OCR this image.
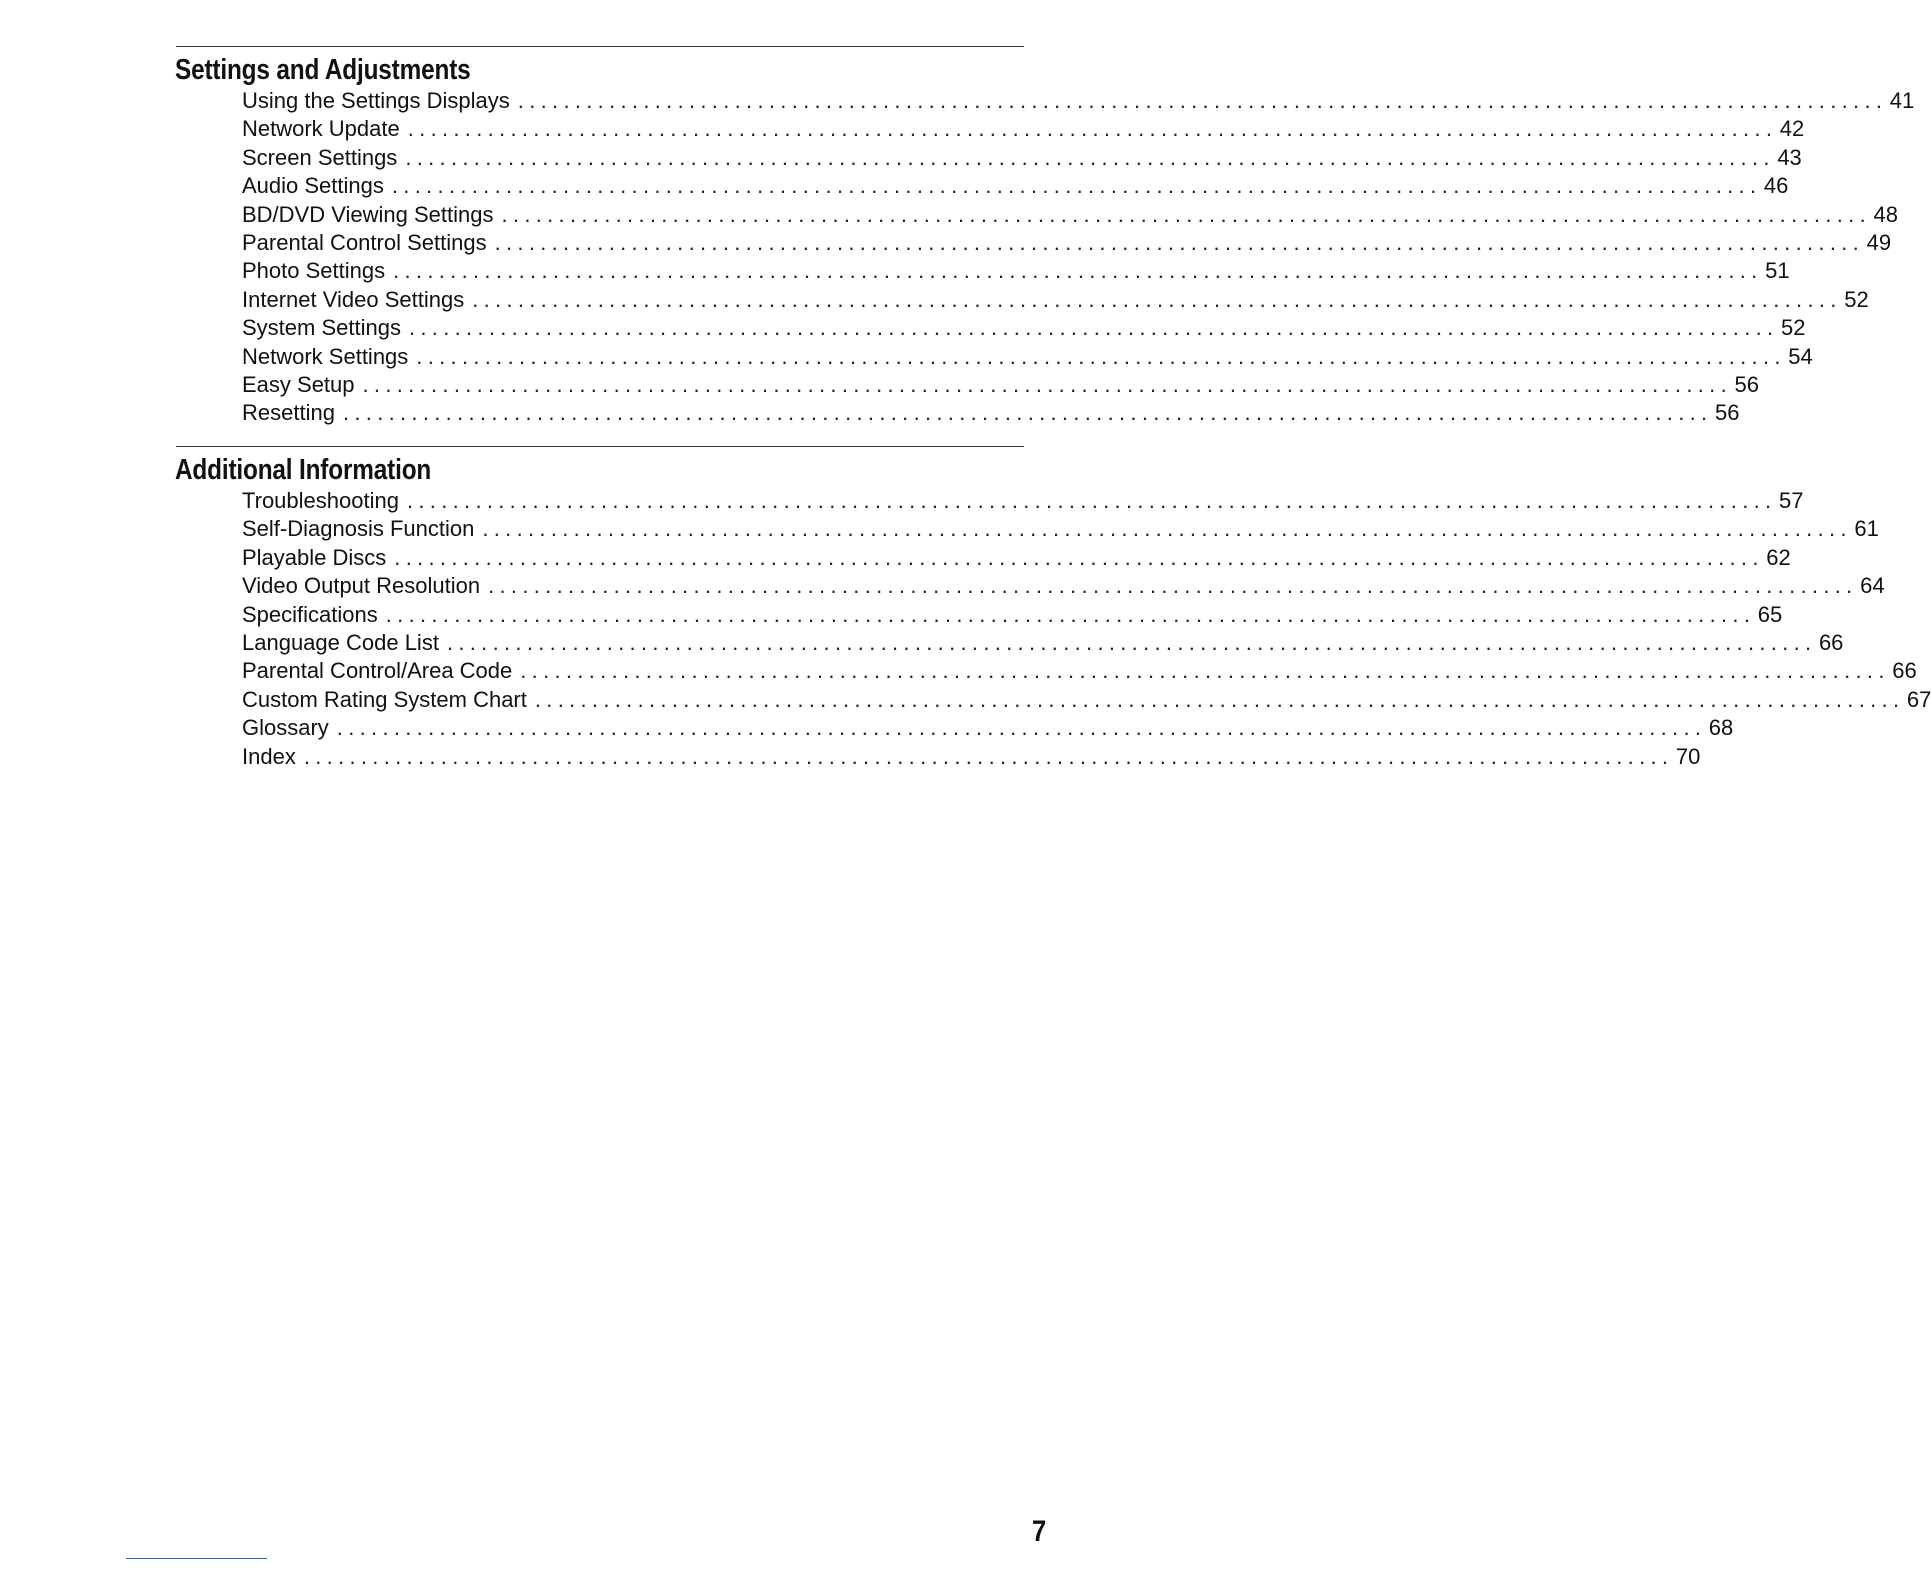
Settings and Adjustments
Using the Settings Displays ........................................................................................................................ 41
Network Update ........................................................................................................................ 42
Screen Settings ........................................................................................................................ 43
Audio Settings ........................................................................................................................ 46
BD/DVD Viewing Settings ........................................................................................................................ 48
Parental Control Settings ........................................................................................................................ 49
Photo Settings ........................................................................................................................ 51
Internet Video Settings ........................................................................................................................ 52
System Settings ........................................................................................................................ 52
Network Settings ........................................................................................................................ 54
Easy Setup ........................................................................................................................ 56
Resetting ........................................................................................................................ 56
Additional Information
Troubleshooting ........................................................................................................................ 57
Self-Diagnosis Function ........................................................................................................................ 61
Playable Discs ........................................................................................................................ 62
Video Output Resolution ........................................................................................................................ 64
Specifications ........................................................................................................................ 65
Language Code List ........................................................................................................................ 66
Parental Control/Area Code ........................................................................................................................ 66
Custom Rating System Chart ........................................................................................................................ 67
Glossary ........................................................................................................................ 68
Index ........................................................................................................................ 70
7
